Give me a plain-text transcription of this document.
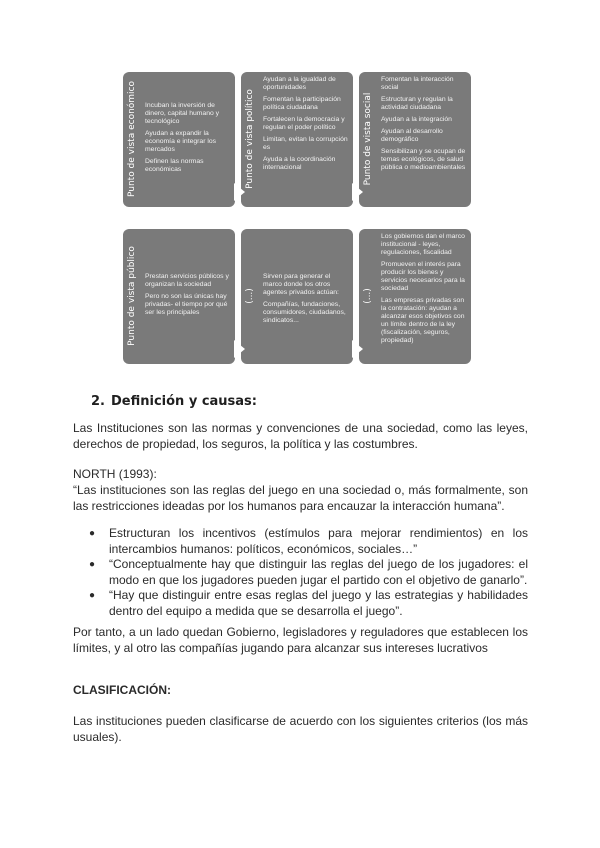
Punto de vista económico Incuban la inversión de dinero, capital humano y tecnológico

Ayudan a expandir la economía e integrar los mercados

Definen las normas económicas	Punto de vista político

Ayudan a la igualdad de oportunidades

Fomentan la participación política ciudadana

Fortalecen la democracia y regulan el poder político

Limitan, evitan la corrupción es

Ayuda a la coordinación internacional	Punto de vista social

Fomentan la interacción social

Estructuran y regulan la actividad ciudadana

Ayudan a la integración

Ayudan al desarrollo demográfico

Sensibilizan y se ocupan de temas ecológicos, de salud pública o medioambientales

Punto de vista público Prestan servicios públicos y organizan la sociedad

Pero no son las únicas hay privadas- el tiempo por qué ser les principales

(...)

Sirven para generar el marco donde los otros agentes privados actúan:

Compañías, fundaciones, consumidores, ciudadanos, sindicatos...

(...)

Los gobiernos dan el marco institucional - leyes, regulaciones, fiscalidad

Promueven el interés para producir los bienes y servicios necesarios para la sociedad

Las empresas privadas son la contratación: ayudan a alcanzar esos objetivos con un límite dentro de la ley (fiscalización, seguros, propiedad)

2. Definición y causas:
Las Instituciones son las normas y convenciones de una sociedad, como las leyes, derechos de propiedad, los seguros, la política y las costumbres.
NORTH (1993):
“Las instituciones son las reglas del juego en una sociedad o, más formalmente, son las restricciones ideadas por los humanos para encauzar la interacción humana”.
● Estructuran los incentivos (estímulos para mejorar rendimientos) en los intercambios humanos: políticos, económicos, sociales…”
● “Conceptualmente hay que distinguir las reglas del juego de los jugadores: el modo en que los jugadores pueden jugar el partido con el objetivo de ganarlo”.
● “Hay que distinguir entre esas reglas del juego y las estrategias y habilidades dentro del equipo a medida que se desarrolla el juego”.
Por tanto, a un lado quedan Gobierno, legisladores y reguladores que establecen los límites, y al otro las compañías jugando para alcanzar sus intereses lucrativos
CLASIFICACIÓN:
Las instituciones pueden clasificarse de acuerdo con los siguientes criterios (los más usuales).
